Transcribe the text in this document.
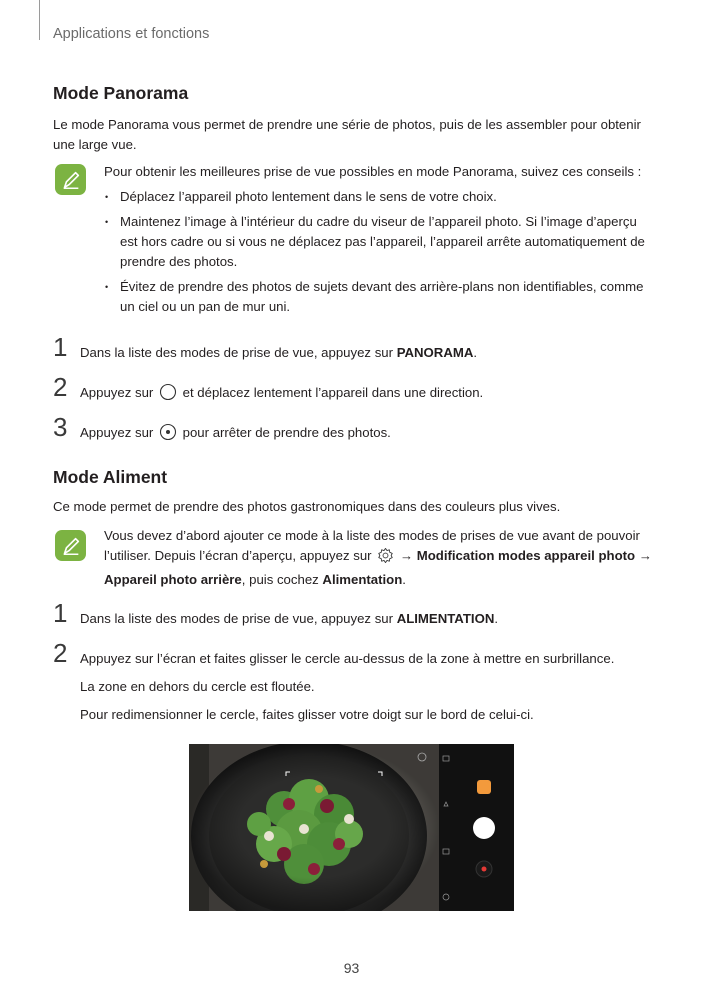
Applications et fonctions
Mode Panorama
Le mode Panorama vous permet de prendre une série de photos, puis de les assembler pour obtenir une large vue.
Pour obtenir les meilleures prise de vue possibles en mode Panorama, suivez ces conseils :
• Déplacez l’appareil photo lentement dans le sens de votre choix.
• Maintenez l’image à l’intérieur du cadre du viseur de l’appareil photo. Si l’image d’aperçu est hors cadre ou si vous ne déplacez pas l’appareil, l’appareil arrête automatiquement de prendre des photos.
• Évitez de prendre des photos de sujets devant des arrière-plans non identifiables, comme un ciel ou un pan de mur uni.
1 Dans la liste des modes de prise de vue, appuyez sur PANORAMA.
2 Appuyez sur  et déplacez lentement l’appareil dans une direction.
3 Appuyez sur  pour arrêter de prendre des photos.
Mode Aliment
Ce mode permet de prendre des photos gastronomiques dans des couleurs plus vives.
Vous devez d’abord ajouter ce mode à la liste des modes de prises de vue avant de pouvoir l’utiliser. Depuis l’écran d’aperçu, appuyez sur  → Modification modes appareil photo → Appareil photo arrière, puis cochez Alimentation.
1 Dans la liste des modes de prise de vue, appuyez sur ALIMENTATION.
2 Appuyez sur l’écran et faites glisser le cercle au-dessus de la zone à mettre en surbrillance.
La zone en dehors du cercle est floutée.
Pour redimensionner le cercle, faites glisser votre doigt sur le bord de celui-ci.
93
